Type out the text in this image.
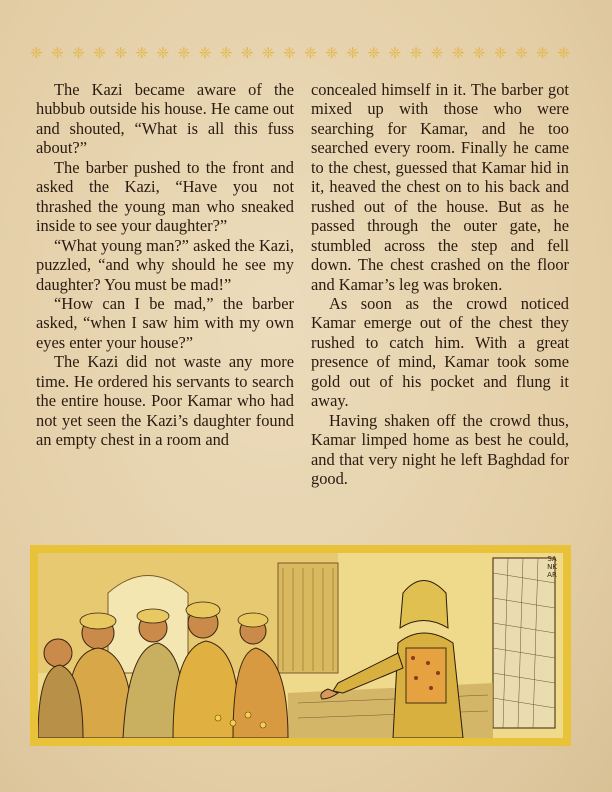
❈ ❈ ❈ ❈ ❈ ❈ ❈ ❈ ❈ ❈ ❈ ❈ ❈ ❈ ❈ ❈ ❈ ❈ ❈ ❈ ❈ ❈ ❈ ❈ ❈ ❈

The Kazi became aware of the hubbub outside his house. He came out and shouted, “What is all this fuss about?”

The barber pushed to the front and asked the Kazi, “Have you not thrashed the young man who sneaked inside to see your daughter?”

“What young man?” asked the Kazi, puzzled, “and why should he see my daughter? You must be mad!”

“How can I be mad,” the barber asked, “when I saw him with my own eyes enter your house?”

The Kazi did not waste any more time. He ordered his servants to search the entire house. Poor Kamar who had not yet seen the Kazi’s daughter found an empty chest in a room and

concealed himself in it. The barber got mixed up with those who were searching for Kamar, and he too searched every room. Finally he came to the chest, guessed that Kamar hid in it, heaved the chest on to his back and rushed out of the house. But as he passed through the outer gate, he stumbled across the step and fell down. The chest crashed on the floor and Kamar’s leg was broken.

As soon as the crowd noticed Kamar emerge out of the chest they rushed to catch him. With a great presence of mind, Kamar took some gold out of his pocket and flung it away.

Having shaken off the crowd thus, Kamar limped home as best he could, and that very night he left Baghdad for good.

SANKAR
